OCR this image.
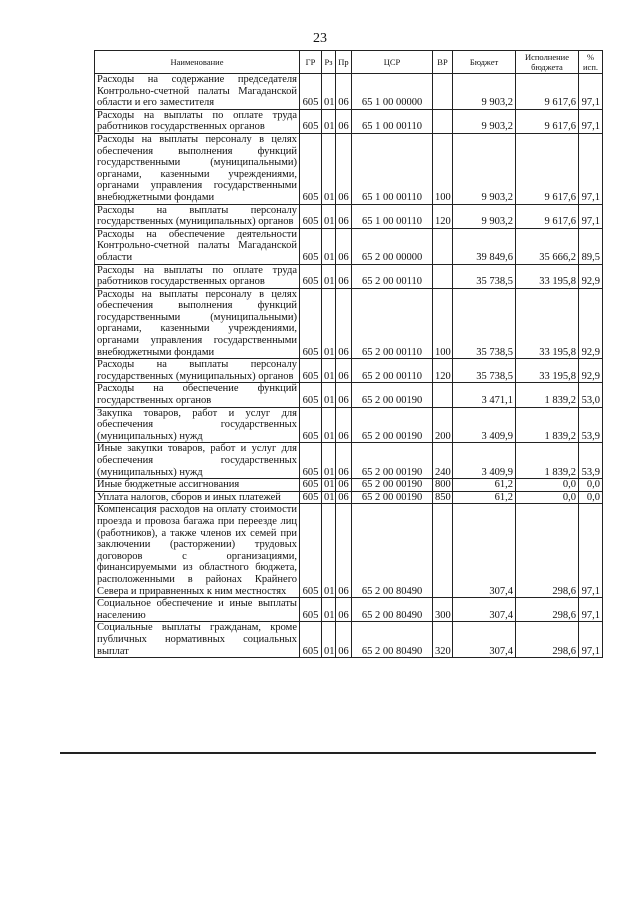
23
Наименование	ГР	Рз	Пр	ЦСР	ВР	Бюджет	Исполнение бюджета	% исп.
Расходы на содержание председателя Контрольно-счетной палаты Магаданской области и его заместителя	605	01	06	65 1 00 00000		9 903,2	9 617,6	97,1
Расходы на выплаты по оплате труда работников государственных органов	605	01	06	65 1 00 00110		9 903,2	9 617,6	97,1
Расходы на выплаты персоналу в целях обеспечения выполнения функций государственными (муниципальными) органами, казенными учреждениями, органами управления государственными внебюджетными фондами	605	01	06	65 1 00 00110	100	9 903,2	9 617,6	97,1
Расходы на выплаты персоналу государственных (муниципальных) органов	605	01	06	65 1 00 00110	120	9 903,2	9 617,6	97,1
Расходы на обеспечение деятельности Контрольно-счетной палаты Магаданской области	605	01	06	65 2 00 00000		39 849,6	35 666,2	89,5
Расходы на выплаты по оплате труда работников государственных органов	605	01	06	65 2 00 00110		35 738,5	33 195,8	92,9
Расходы на выплаты персоналу в целях обеспечения выполнения функций государственными (муниципальными) органами, казенными учреждениями, органами управления государственными внебюджетными фондами	605	01	06	65 2 00 00110	100	35 738,5	33 195,8	92,9
Расходы на выплаты персоналу государственных (муниципальных) органов	605	01	06	65 2 00 00110	120	35 738,5	33 195,8	92,9
Расходы на обеспечение функций государственных органов	605	01	06	65 2 00 00190		3 471,1	1 839,2	53,0
Закупка товаров, работ и услуг для обеспечения государственных (муниципальных) нужд	605	01	06	65 2 00 00190	200	3 409,9	1 839,2	53,9
Иные закупки товаров, работ и услуг для обеспечения государственных (муниципальных) нужд	605	01	06	65 2 00 00190	240	3 409,9	1 839,2	53,9
Иные бюджетные ассигнования	605	01	06	65 2 00 00190	800	61,2	0,0	0,0
Уплата налогов, сборов и иных платежей	605	01	06	65 2 00 00190	850	61,2	0,0	0,0
Компенсация расходов на оплату стоимости проезда и провоза багажа при переезде лиц (работников), а также членов их семей при заключении (расторжении) трудовых договоров с организациями, финансируемыми из областного бюджета, расположенными в районах Крайнего Севера и приравненных к ним местностях	605	01	06	65 2 00 80490		307,4	298,6	97,1
Социальное обеспечение и иные выплаты населению	605	01	06	65 2 00 80490	300	307,4	298,6	97,1
Социальные выплаты гражданам, кроме публичных нормативных социальных выплат	605	01	06	65 2 00 80490	320	307,4	298,6	97,1
